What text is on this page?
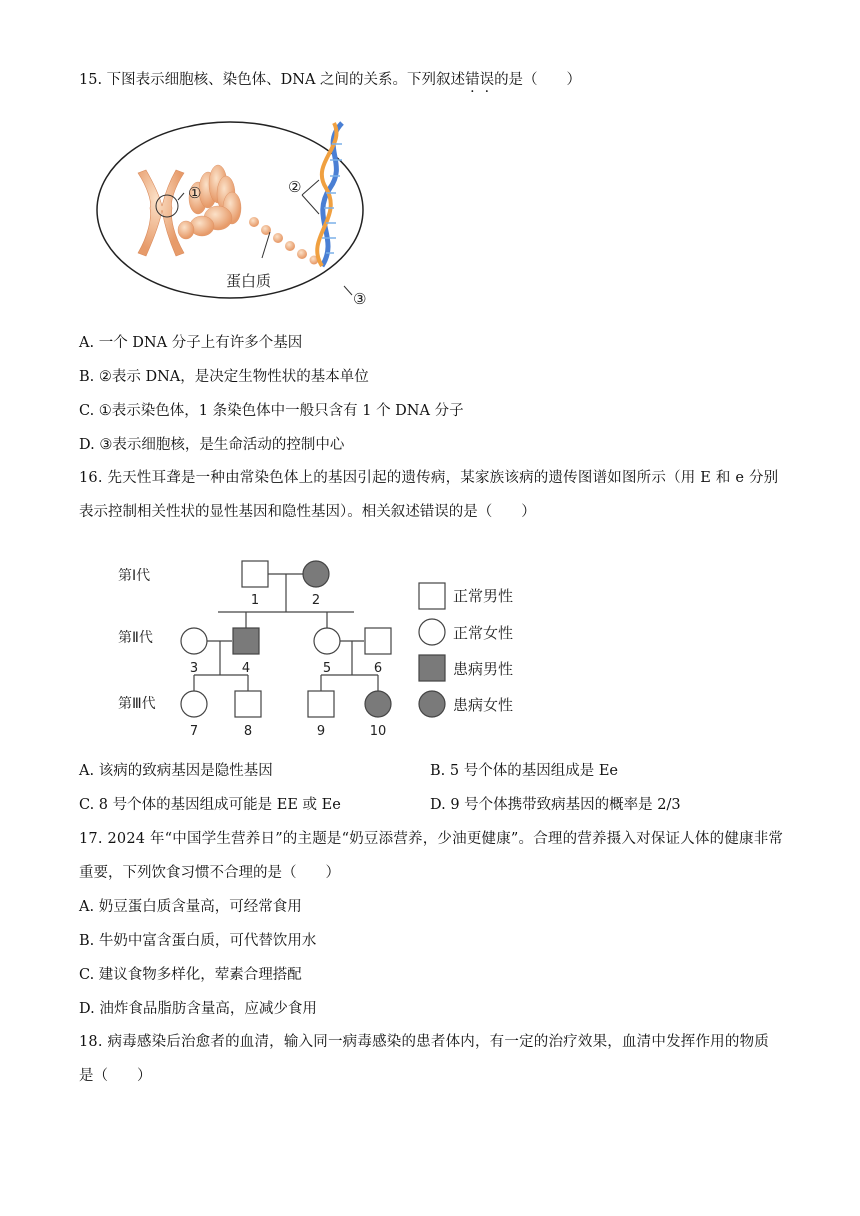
15. 下图表示细胞核、染色体、DNA 之间的关系。下列叙述错误的是（　　）
①	②
③
蛋白质
A. 一个 DNA 分子上有许多个基因
B. ②表示 DNA，是决定生物性状的基本单位
C. ①表示染色体，1 条染色体中一般只含有 1 个 DNA 分子
D. ③表示细胞核，是生命活动的控制中心
16. 先天性耳聋是一种由常染色体上的基因引起的遗传病，某家族该病的遗传图谱如图所示（用 E 和 e 分别
表示控制相关性状的显性基因和隐性基因）。相关叙述错误的是（　　）
第Ⅰ代
第Ⅱ代
第Ⅲ代
1	2
3	4	5	6
7	8	9	10
正常男性
正常女性
患病男性
患病女性
A. 该病的致病基因是隐性基因	B. 5 号个体的基因组成是 Ee
C. 8 号个体的基因组成可能是 EE 或 Ee	D. 9 号个体携带致病基因的概率是 2/3
17. 2024 年“中国学生营养日”的主题是“奶豆添营养，少油更健康”。合理的营养摄入对保证人体的健康非常
重要，下列饮食习惯不合理的是（　　）
A. 奶豆蛋白质含量高，可经常食用
B. 牛奶中富含蛋白质，可代替饮用水
C. 建议食物多样化，荤素合理搭配
D. 油炸食品脂肪含量高，应减少食用
18. 病毒感染后治愈者的血清，输入同一病毒感染的患者体内，有一定的治疗效果，血清中发挥作用的物质
是（　　）
